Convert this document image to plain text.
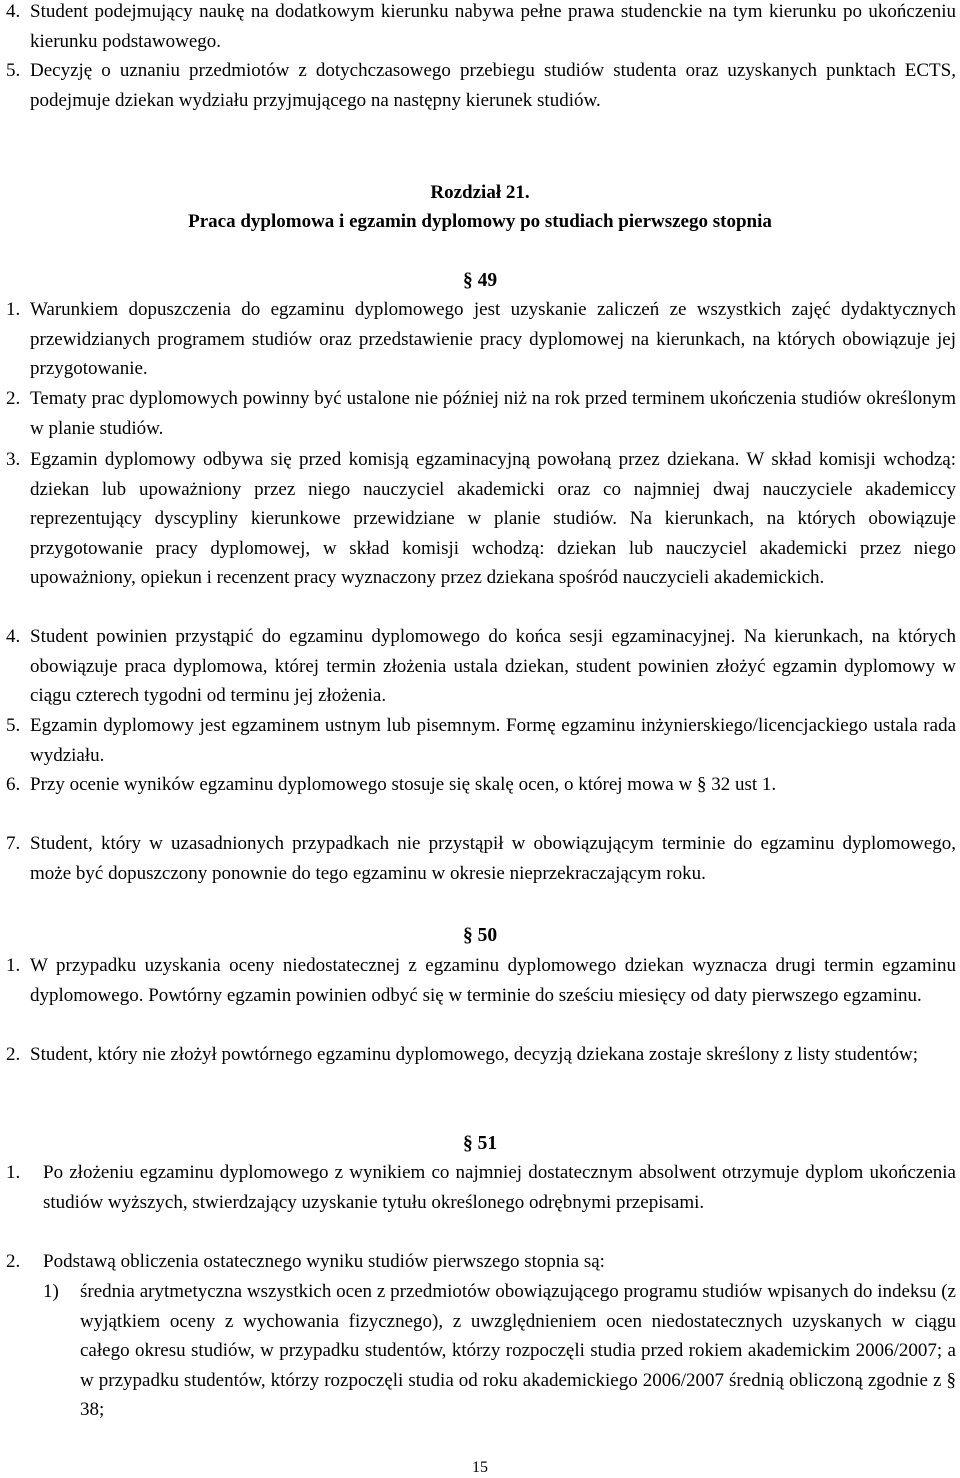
4. Student podejmujący naukę na dodatkowym kierunku nabywa pełne prawa studenckie na tym kierunku po ukończeniu kierunku podstawowego.
5. Decyzję o uznaniu przedmiotów z dotychczasowego przebiegu studiów studenta oraz uzyskanych punktach ECTS, podejmuje dziekan wydziału przyjmującego na następny kierunek studiów.
Rozdział 21.
Praca dyplomowa i egzamin dyplomowy po studiach pierwszego stopnia
§ 49
1. Warunkiem dopuszczenia do egzaminu dyplomowego jest uzyskanie zaliczeń ze wszystkich zajęć dydaktycznych przewidzianych programem studiów oraz przedstawienie pracy dyplomowej na kierunkach, na których obowiązuje jej przygotowanie.
2. Tematy prac dyplomowych powinny być ustalone nie później niż na rok przed terminem ukończenia studiów określonym w planie studiów.
3. Egzamin dyplomowy odbywa się przed komisją egzaminacyjną powołaną przez dziekana. W skład komisji wchodzą: dziekan lub upoważniony przez niego nauczyciel akademicki oraz co najmniej dwaj nauczyciele akademiccy reprezentujący dyscypliny kierunkowe przewidziane w planie studiów. Na kierunkach, na których obowiązuje przygotowanie pracy dyplomowej, w skład komisji wchodzą: dziekan lub nauczyciel akademicki przez niego upoważniony, opiekun i recenzent pracy wyznaczony przez dziekana spośród nauczycieli akademickich.
4. Student powinien przystąpić do egzaminu dyplomowego do końca sesji egzaminacyjnej. Na kierunkach, na których obowiązuje praca dyplomowa, której termin złożenia ustala dziekan, student powinien złożyć egzamin dyplomowy w ciągu czterech tygodni od terminu jej złożenia.
5. Egzamin dyplomowy jest egzaminem ustnym lub pisemnym. Formę egzaminu inżynierskiego/licencjackiego ustala rada wydziału.
6. Przy ocenie wyników egzaminu dyplomowego stosuje się skalę ocen, o której mowa w § 32 ust 1.
7. Student, który w uzasadnionych przypadkach nie przystąpił w obowiązującym terminie do egzaminu dyplomowego, może być dopuszczony ponownie do tego egzaminu w okresie nieprzekraczającym roku.
§ 50
1. W przypadku uzyskania oceny niedostatecznej z egzaminu dyplomowego dziekan wyznacza drugi termin egzaminu dyplomowego. Powtórny egzamin powinien odbyć się w terminie do sześciu miesięcy od daty pierwszego egzaminu.
2. Student, który nie złożył powtórnego egzaminu dyplomowego, decyzją dziekana zostaje skreślony z listy studentów;
§ 51
1.	Po złożeniu egzaminu dyplomowego z wynikiem co najmniej dostatecznym absolwent otrzymuje dyplom ukończenia studiów wyższych, stwierdzający uzyskanie tytułu określonego odrębnymi przepisami.
2.	Podstawą obliczenia ostatecznego wyniku studiów pierwszego stopnia są:
1)	średnia arytmetyczna wszystkich ocen z przedmiotów obowiązującego programu studiów wpisanych do indeksu (z wyjątkiem oceny z wychowania fizycznego), z uwzględnieniem ocen niedostatecznych uzyskanych w ciągu całego okresu studiów, w przypadku studentów, którzy rozpoczęli studia przed rokiem akademickim 2006/2007; a w przypadku studentów, którzy rozpoczęli studia od roku akademickiego 2006/2007 średnią obliczoną zgodnie z § 38;
15
